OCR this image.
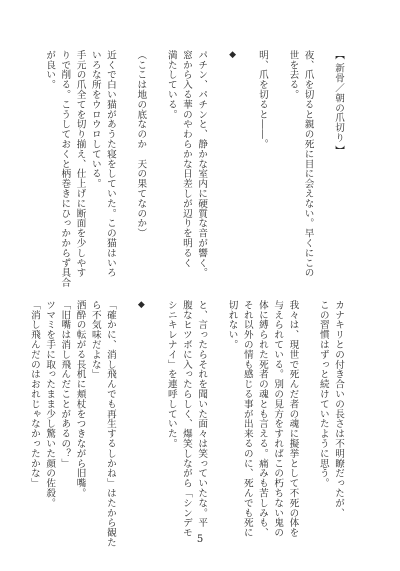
【 新骨／朝の爪切り 】

夜、爪を切ると親の死に目に会えない。早くにこの

世を去る。

明、爪を切ると――。

◆

パチン、パチンと、静かな室内に硬質な音が響く。

窓から入る華のやわらかな日差しが辺りを明るく

満たしている。

（ここは地の底なのか　天の果てなのか）

近くで白い猫があうた寝をしていた。この猫はいろ

いろな所をウロウロしている。

手元の爪全てを切り揃え、仕上げに断面を少しやす

りで削る。こうしておくと柄巻きにひっかからず具合

が良い。

カナキリとの付き合いの長さは不明瞭だったが、

この習慣はずっと続けていたように思う。

我々は、現世で死んだ者の魂に擬挙として不死の体を

与えられている。別の見方をすればこの朽ちない鬼の

体に縛られた死者の魂とも言える。痛みも苦しみも、

それ以外の情も感じる事が出来るのに、死んでも死に

切れない。

と、言ったらそれを聞いた面々は笑っていたな。平

腹なヒツボに入ったらしく、爆笑しながら「シンデモ

シニキレナイ」を連呼していた。

◆

「確かに、消し飛んでも再生するしかね」はたから観た

ら不気味だよな」

洒酔の転がる長机に頬杖をつきながら旧嘴。

「旧嘴は消し飛んだことがあるの？」

ツマミを手に取ったまま少し驚いた顔の佐殺。

「消し飛んだのはおれじゃなかったかな」

5
